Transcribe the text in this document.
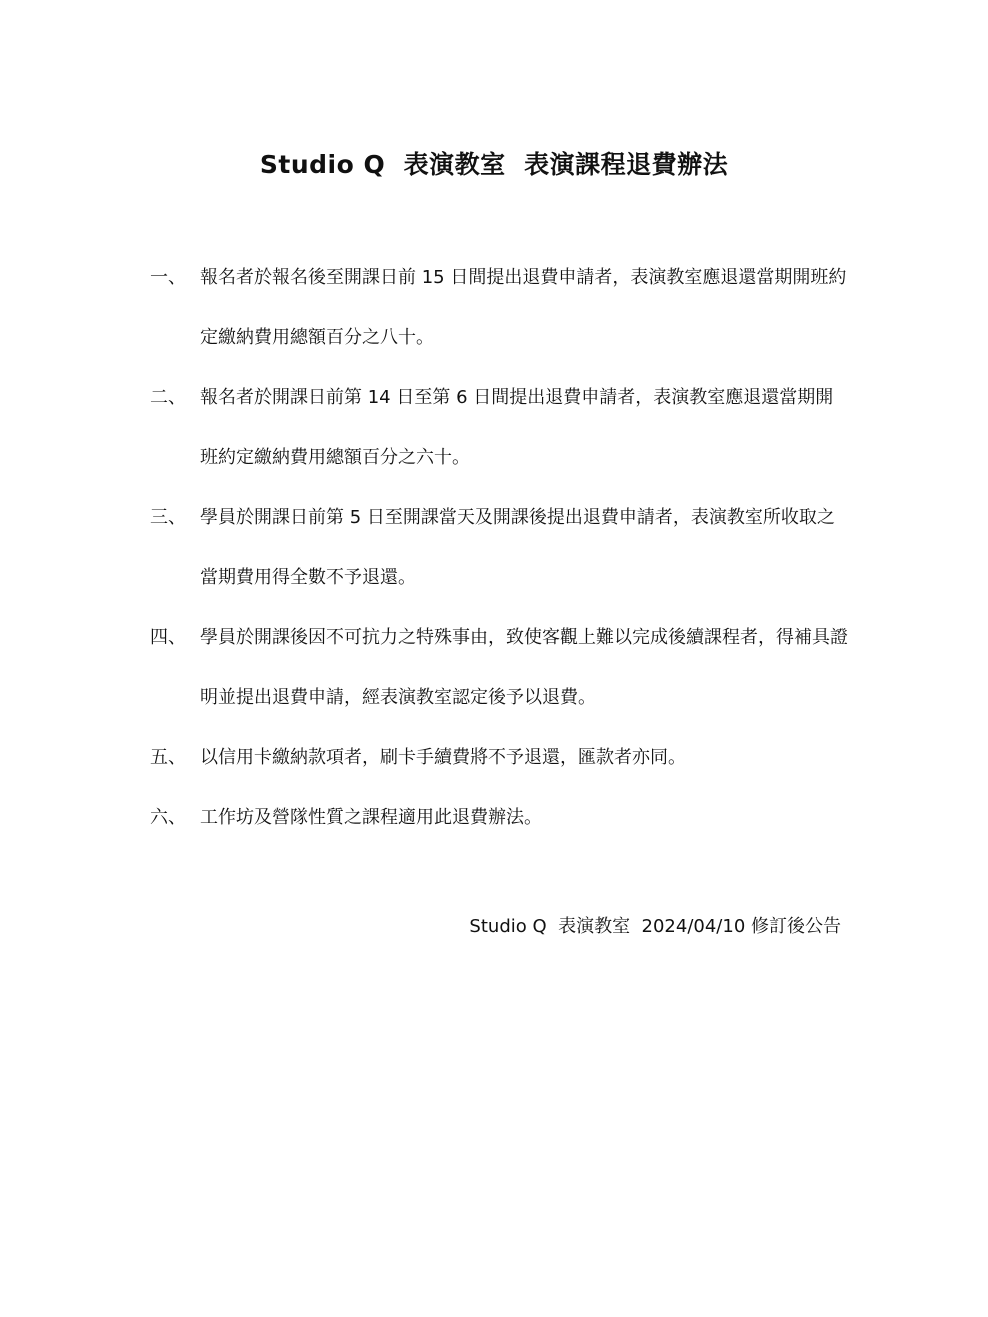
Studio Q  表演教室  表演課程退費辦法
一、 報名者於報名後至開課日前 15 日間提出退費申請者，表演教室應退還當期開班約定繳納費用總額百分之八十。
二、 報名者於開課日前第 14 日至第 6 日間提出退費申請者，表演教室應退還當期開班約定繳納費用總額百分之六十。
三、 學員於開課日前第 5 日至開課當天及開課後提出退費申請者，表演教室所收取之當期費用得全數不予退還。
四、 學員於開課後因不可抗力之特殊事由，致使客觀上難以完成後續課程者，得補具證明並提出退費申請，經表演教室認定後予以退費。
五、 以信用卡繳納款項者，刷卡手續費將不予退還，匯款者亦同。
六、 工作坊及營隊性質之課程適用此退費辦法。
Studio Q  表演教室  2024/04/10 修訂後公告
